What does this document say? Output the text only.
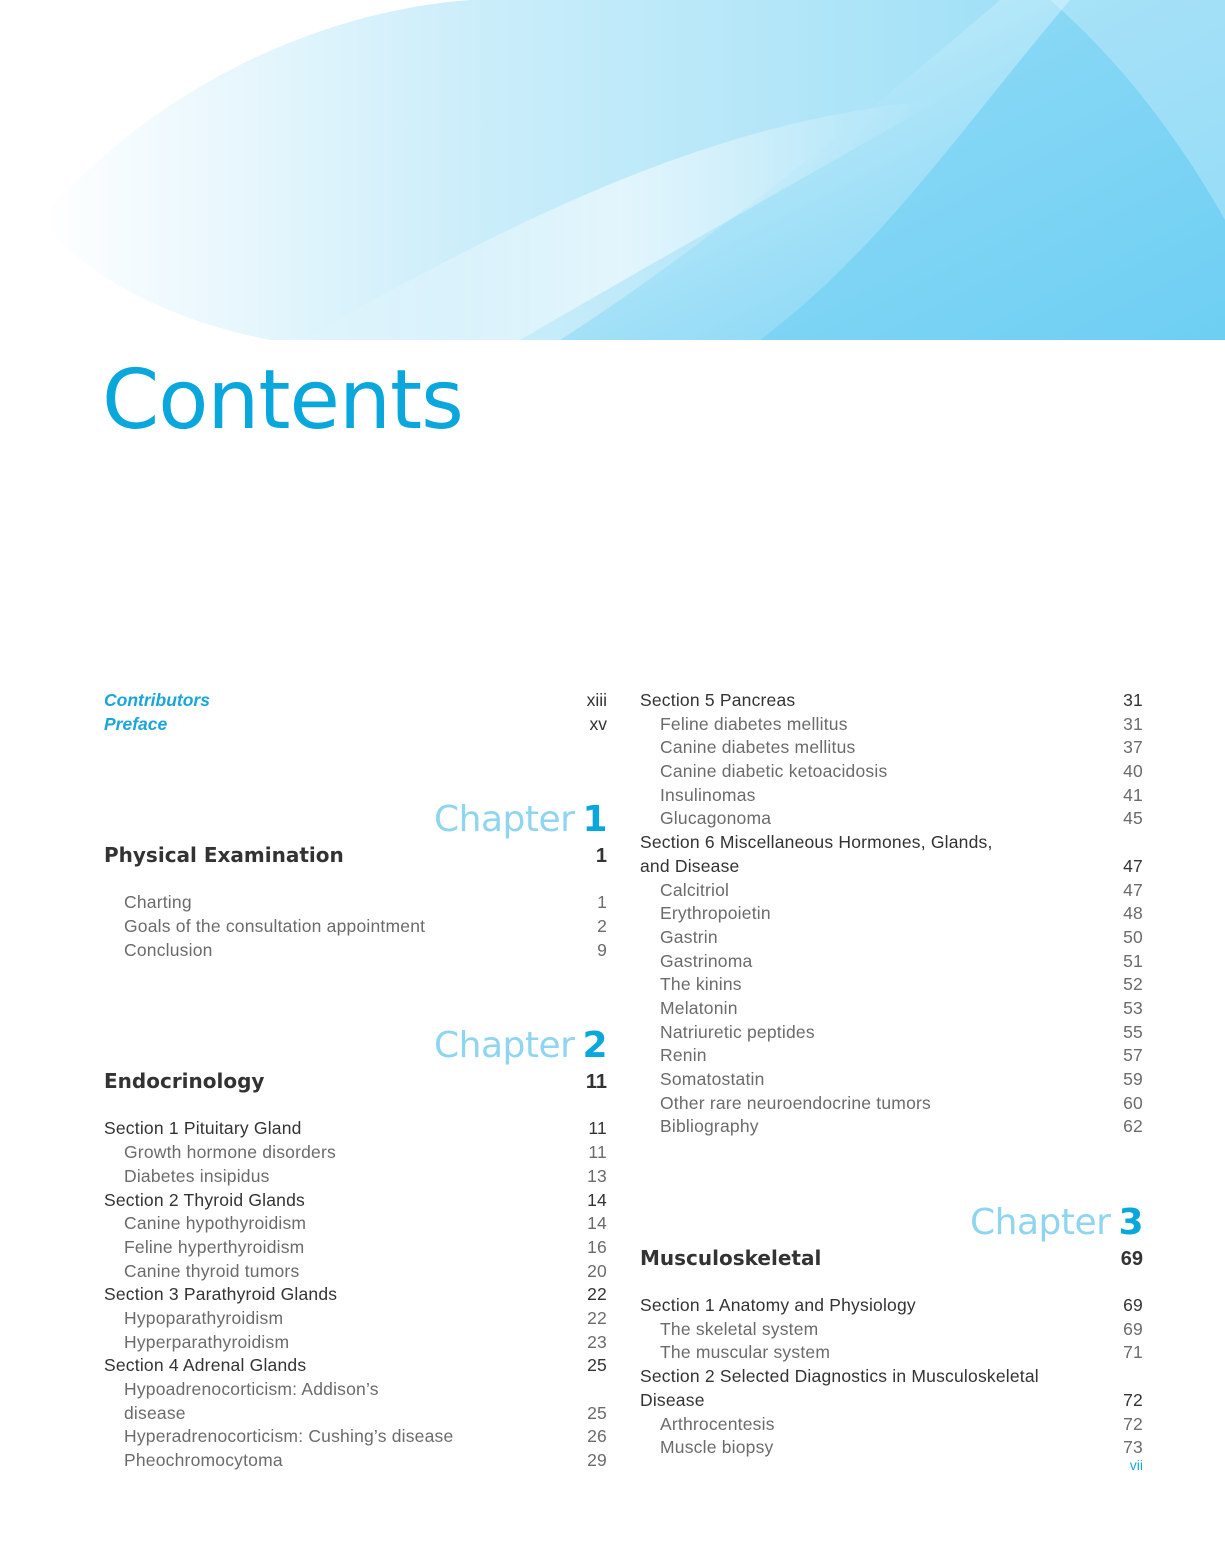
Contents
Contributors	xiii
Preface	xv
Chapter 1
Physical Examination	1
Charting	1
Goals of the consultation appointment	2
Conclusion	9
Chapter 2
Endocrinology	11
Section 1 Pituitary Gland	11
Growth hormone disorders	11
Diabetes insipidus	13
Section 2 Thyroid Glands	14
Canine hypothyroidism	14
Feline hyperthyroidism	16
Canine thyroid tumors	20
Section 3 Parathyroid Glands	22
Hypoparathyroidism	22
Hyperparathyroidism	23
Section 4 Adrenal Glands	25
Hypoadrenocorticism: Addison’s
disease	25
Hyperadrenocorticism: Cushing’s disease	26
Pheochromocytoma	29
Section 5 Pancreas	31
Feline diabetes mellitus	31
Canine diabetes mellitus	37
Canine diabetic ketoacidosis	40
Insulinomas	41
Glucagonoma	45
Section 6 Miscellaneous Hormones, Glands,
and Disease	47
Calcitriol	47
Erythropoietin	48
Gastrin	50
Gastrinoma	51
The kinins	52
Melatonin	53
Natriuretic peptides	55
Renin	57
Somatostatin	59
Other rare neuroendocrine tumors	60
Bibliography	62
Chapter 3
Musculoskeletal	69
Section 1 Anatomy and Physiology	69
The skeletal system	69
The muscular system	71
Section 2 Selected Diagnostics in Musculoskeletal
Disease	72
Arthrocentesis	72
Muscle biopsy	73
vii
